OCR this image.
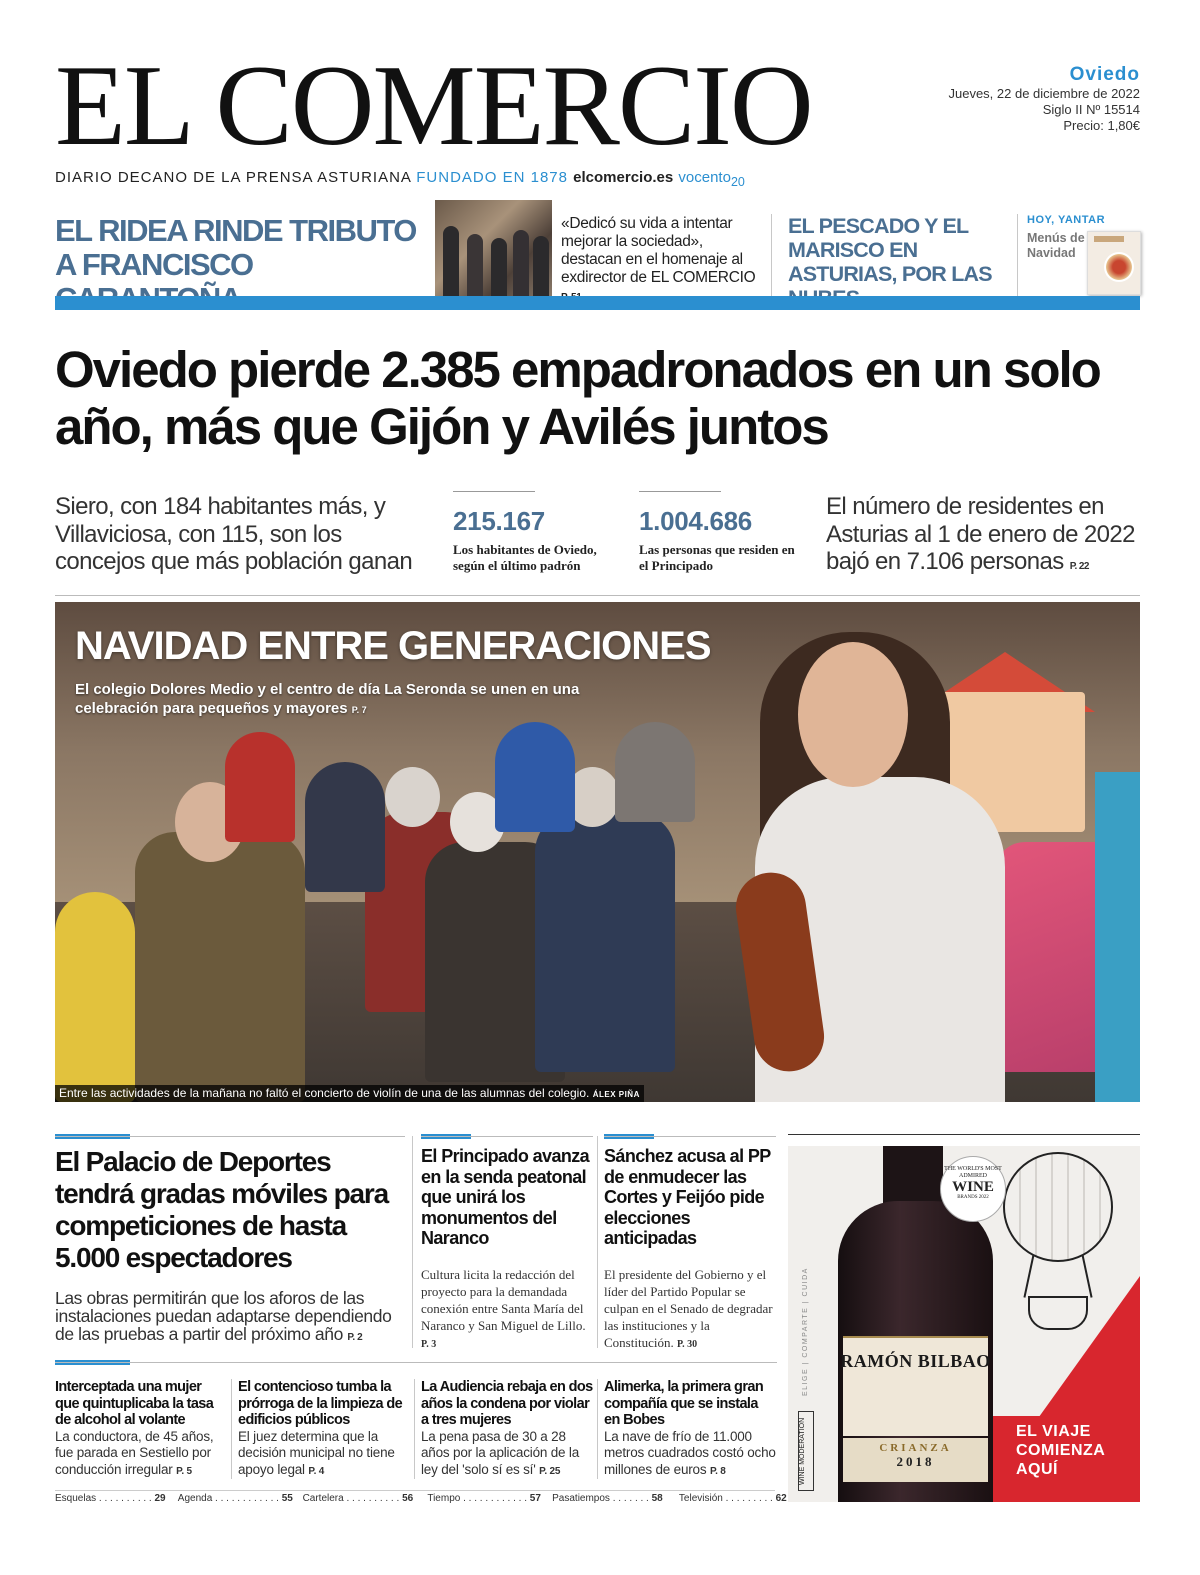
EL COMERCIO	Oviedo
Jueves, 22 de diciembre de 2022
Siglo II Nº 15514
Precio: 1,80€
DIARIO DECANO DE LA PRENSA ASTURIANA FUNDADO EN 1878 elcomercio.es vocento$_{20}$
EL RIDEA RINDE TRIBUTO A FRANCISCO
«Dedicó su vida a intentar mejorar la sociedad», destacan en el homenaje al exdirector de EL COMERCIO
EL PESCADO Y EL MARISCO EN ASTURIAS, POR LAS
HOY, YANTAR
Menús de Navidad
Oviedo pierde 2.385 empadronados en un solo año, más que Gijón y Avilés juntos
Siero, con 184 habitantes más, y Villaviciosa, con 115, son los concejos que más población ganan
215.167
Los habitantes de Oviedo, según el último padrón
1.004.686
Las personas que residen en el Principado
El número de residentes en Asturias al 1 de enero de 2022 bajó en 7.106 personas P. 22
NAVIDAD ENTRE GENERACIONES
El colegio Dolores Medio y el centro de día La Seronda se unen en una celebración para pequeños y mayores P. 7
Entre las actividades de la mañana no faltó el concierto de violín de una de las alumnas del colegio. ÁLEX PIÑA
El Palacio de Deportes tendrá gradas móviles para competiciones de hasta 5.000 espectadores
Las obras permitirán que los aforos de las instalaciones puedan adaptarse dependiendo de las pruebas a partir del próximo año P. 2
El Principado avanza en la senda peatonal que unirá los monumentos del Naranco
Cultura licita la redacción del proyecto para la demandada conexión entre Santa María del Naranco y San Miguel de Lillo. P. 3
Sánchez acusa al PP de enmudecer las Cortes y Feijóo pide elecciones anticipadas
El presidente del Gobierno y el líder del Partido Popular se culpan en el Senado de degradar las instituciones y la Constitución. P. 30
Interceptada una mujer que quintuplicaba la tasa de alcohol al volante
La conductora, de 45 años, fue parada en Sestiello por conducción irregular P. 5
El contencioso tumba la prórroga de la limpieza de edificios públicos
El juez determina que la decisión municipal no tiene apoyo legal P. 4
La Audiencia rebaja en dos años la condena por violar a tres mujeres
La pena pasa de 30 a 28 años por la aplicación de la ley del 'solo sí es sí' P. 25
Alimerka, la primera gran compañía que se instala en Bobes
La nave de frío de 11.000 metros cuadrados costó ocho millones de euros P. 8
Esquelas . . . . . . . . . . 29 Agenda . . . . . . . . . . . . 55 Cartelera . . . . . . . . . . 56 Tiempo . . . . . . . . . . . . 57 Pasatiempos . . . . . . . 58 Televisión . . . . . . . . . 62
RAMÓN BILBAO
CRIANZA
2018
THE WORLD'S MOST ADMIRED
WINE
BRANDS 2022
ELIGE | COMPARTE | CUIDA
WINE MODERATION	EL VIAJE COMIENZA AQUÍ
